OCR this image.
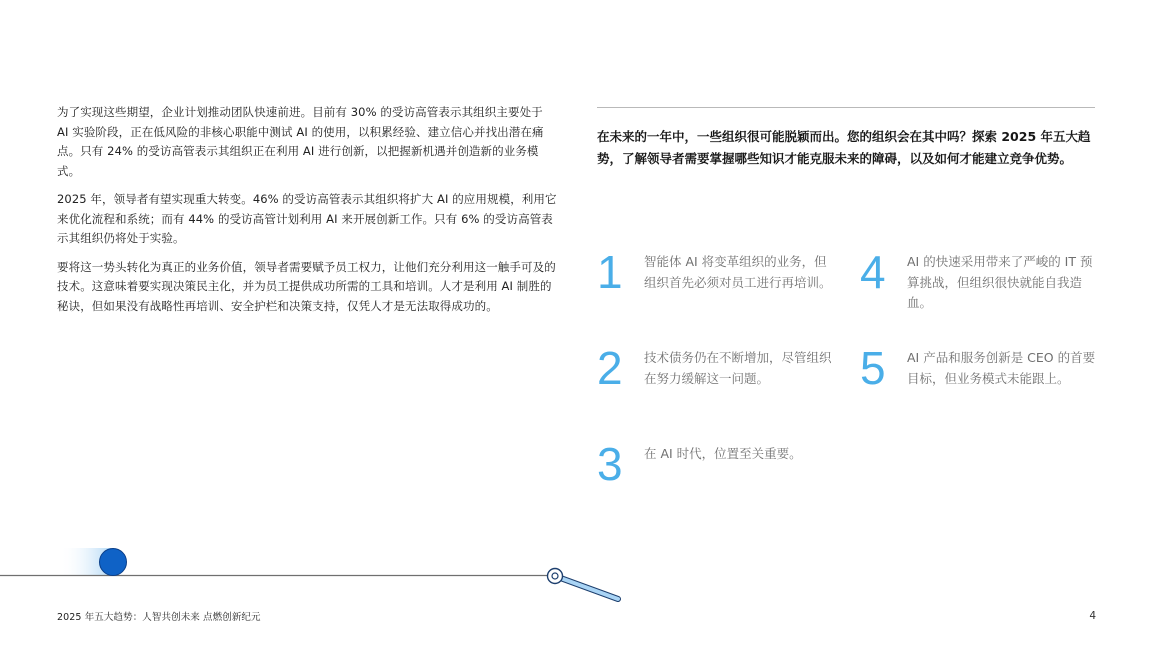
为了实现这些期望，企业计划推动团队快速前进。目前有 30% 的受访高管表示其组织主要处于 AI 实验阶段，正在低风险的非核心职能中测试 AI 的使用，以积累经验、建立信心并找出潜在痛点。只有 24% 的受访高管表示其组织正在利用 AI 进行创新，以把握新机遇并创造新的业务模式。

2025 年，领导者有望实现重大转变。46% 的受访高管表示其组织将扩大 AI 的应用规模，利用它来优化流程和系统；而有 44% 的受访高管计划利用 AI 来开展创新工作。只有 6% 的受访高管表示其组织仍将处于实验。

要将这一势头转化为真正的业务价值，领导者需要赋予员工权力，让他们充分利用这一触手可及的技术。这意味着要实现决策民主化，并为员工提供成功所需的工具和培训。人才是利用 AI 制胜的秘诀，但如果没有战略性再培训、安全护栏和决策支持，仅凭人才是无法取得成功的。

在未来的一年中，一些组织很可能脱颖而出。您的组织会在其中吗？探索 2025 年五大趋势，了解领导者需要掌握哪些知识才能克服未来的障碍，以及如何才能建立竞争优势。

1 智能体 AI 将变革组织的业务，但组织首先必须对员工进行再培训。
2 技术债务仍在不断增加，尽管组织在努力缓解这一问题。
3 在 AI 时代，位置至关重要。
4 AI 的快速采用带来了严峻的 IT 预算挑战，但组织很快就能自我造血。
5 AI 产品和服务创新是 CEO 的首要目标，但业务模式未能跟上。
2025 年五大趋势：人智共创未来 点燃创新纪元	4
